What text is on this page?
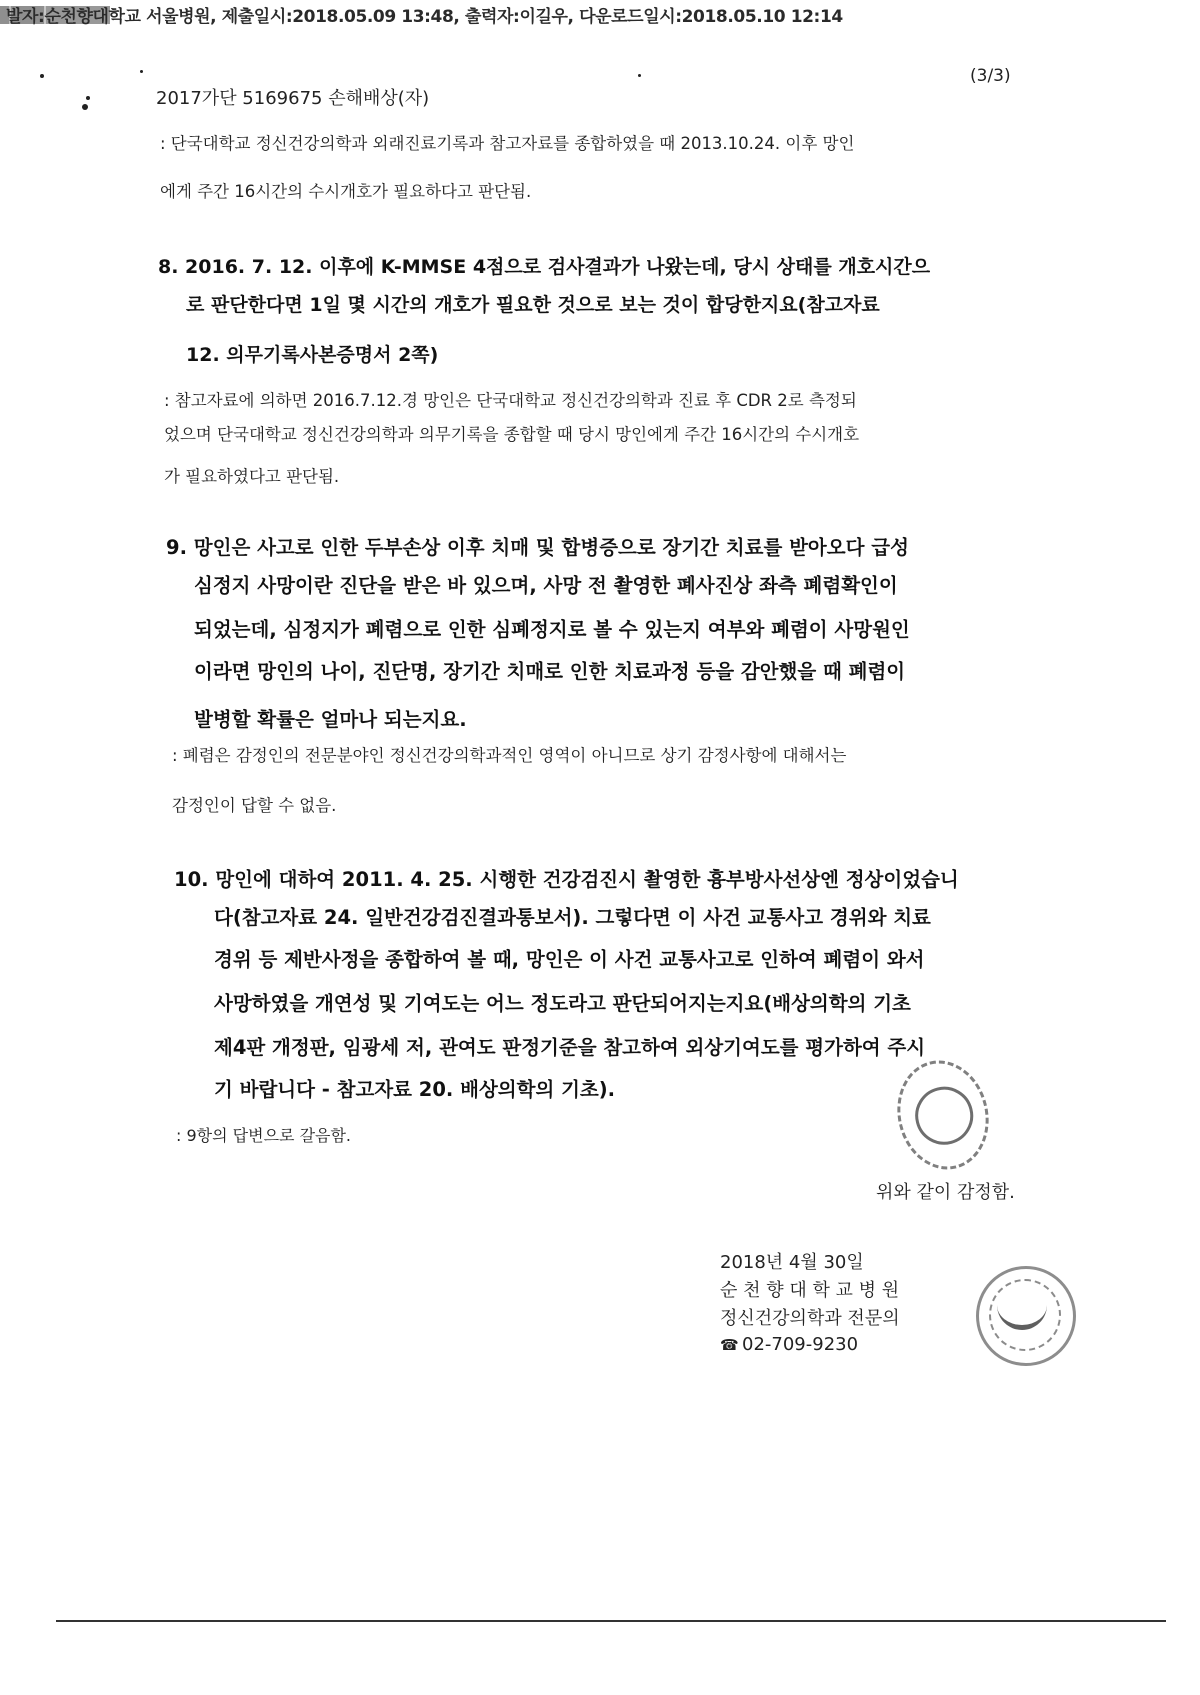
발자:순천향대학교 서울병원, 제출일시:2018.05.09 13:48, 출력자:이길우, 다운로드일시:2018.05.10 12:14
2017가단 5169675 손해배상(자)
(3/3)
: 단국대학교 정신건강의학과 외래진료기록과 참고자료를 종합하였을 때 2013.10.24. 이후 망인
에게 주간 16시간의 수시개호가 필요하다고 판단됨.
8. 2016. 7. 12. 이후에 K-MMSE 4점으로 검사결과가 나왔는데, 당시 상태를 개호시간으
로 판단한다면 1일 몇 시간의 개호가 필요한 것으로 보는 것이 합당한지요(참고자료
12. 의무기록사본증명서 2쪽)
: 참고자료에 의하면 2016.7.12.경 망인은 단국대학교 정신건강의학과 진료 후 CDR 2로 측정되
었으며 단국대학교 정신건강의학과 의무기록을 종합할 때 당시 망인에게 주간 16시간의 수시개호
가 필요하였다고 판단됨.
9. 망인은 사고로 인한 두부손상 이후 치매 및 합병증으로 장기간 치료를 받아오다 급성
심정지 사망이란 진단을 받은 바 있으며, 사망 전 촬영한 폐사진상 좌측 폐렴확인이
되었는데, 심정지가 폐렴으로 인한 심폐정지로 볼 수 있는지 여부와 폐렴이 사망원인
이라면 망인의 나이, 진단명, 장기간 치매로 인한 치료과정 등을 감안했을 때 폐렴이
발병할 확률은 얼마나 되는지요.
: 폐렴은 감정인의 전문분야인 정신건강의학과적인 영역이 아니므로 상기 감정사항에 대해서는
감정인이 답할 수 없음.
10. 망인에 대하여 2011. 4. 25. 시행한 건강검진시 촬영한 흉부방사선상엔 정상이었습니
다(참고자료 24. 일반건강검진결과통보서). 그렇다면 이 사건 교통사고 경위와 치료
경위 등 제반사정을 종합하여 볼 때, 망인은 이 사건 교통사고로 인하여 폐렴이 와서
사망하였을 개연성 및 기여도는 어느 정도라고 판단되어지는지요(배상의학의 기초
제4판 개정판, 임광세 저, 관여도 판정기준을 참고하여 외상기여도를 평가하여 주시
기 바랍니다 - 참고자료 20. 배상의학의 기초).
: 9항의 답변으로 갈음함.
위와 같이 감정함.
2018년 4월 30일
순 천 향 대 학 교 병 원
정신건강의학과 전문의
☎ 02-709-9230
